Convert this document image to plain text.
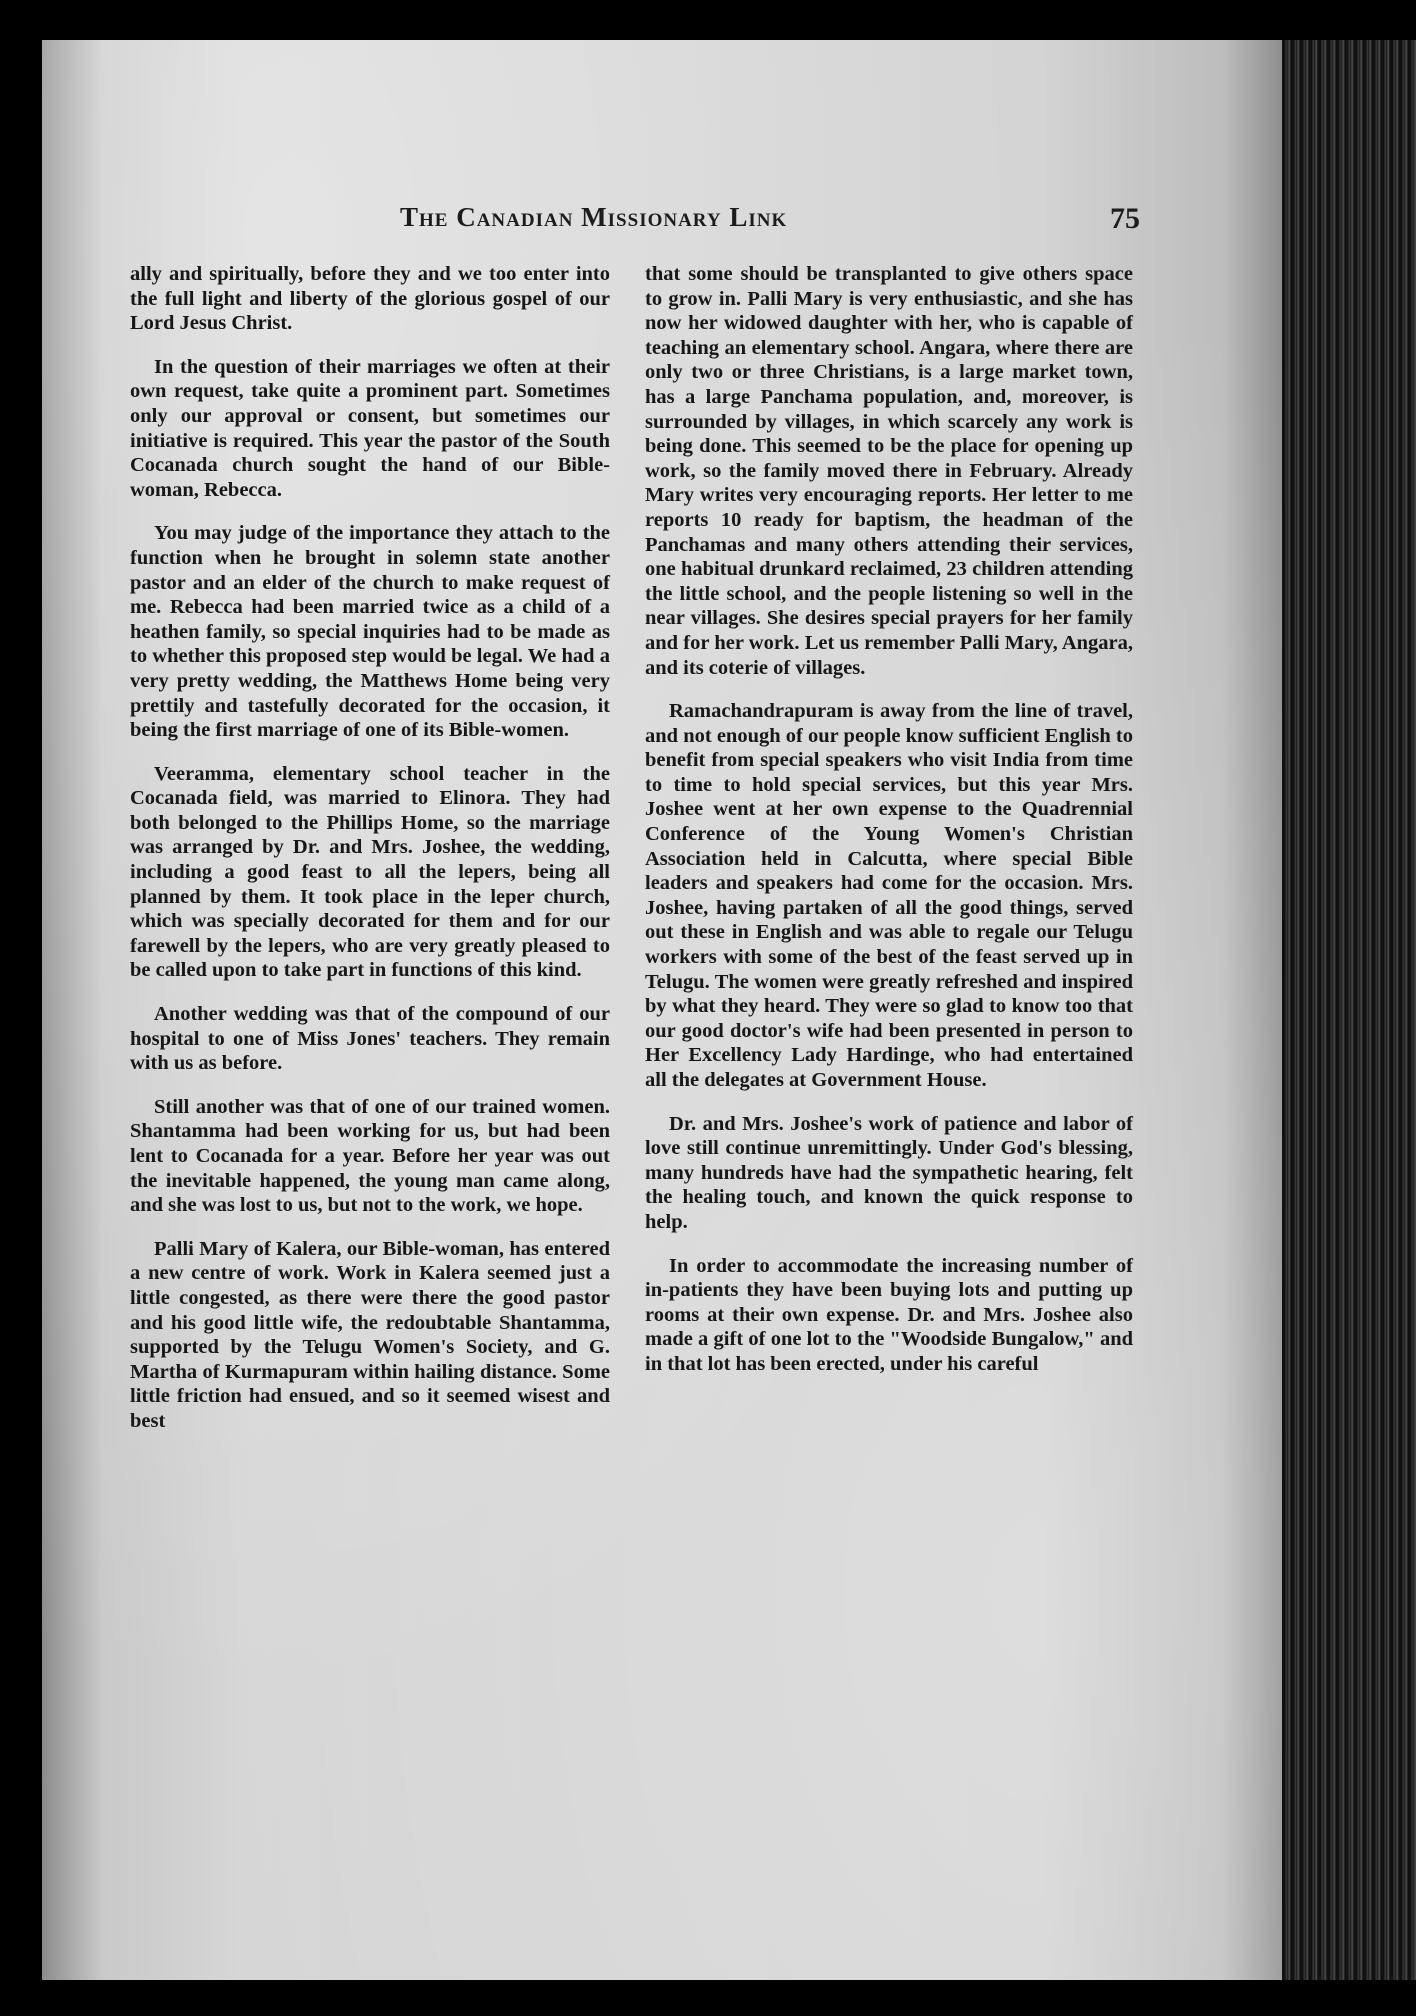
The Canadian Missionary Link	75

ally and spiritually, before they and we too enter into the full light and liberty of the glorious gospel of our Lord Jesus Christ.

In the question of their marriages we often at their own request, take quite a prominent part. Sometimes only our approval or consent, but sometimes our initiative is required. This year the pastor of the South Cocanada church sought the hand of our Bible-woman, Rebecca.

You may judge of the importance they attach to the function when he brought in solemn state another pastor and an elder of the church to make request of me. Rebecca had been married twice as a child of a heathen family, so special inquiries had to be made as to whether this proposed step would be legal. We had a very pretty wedding, the Matthews Home being very prettily and tastefully decorated for the occasion, it being the first marriage of one of its Bible-women.

Veeramma, elementary school teacher in the Cocanada field, was married to Elinora. They had both belonged to the Phillips Home, so the marriage was arranged by Dr. and Mrs. Joshee, the wedding, including a good feast to all the lepers, being all planned by them. It took place in the leper church, which was specially decorated for them and for our farewell by the lepers, who are very greatly pleased to be called upon to take part in functions of this kind.

Another wedding was that of the compound of our hospital to one of Miss Jones' teachers. They remain with us as before.

Still another was that of one of our trained women. Shantamma had been working for us, but had been lent to Cocanada for a year. Before her year was out the inevitable happened, the young man came along, and she was lost to us, but not to the work, we hope.

Palli Mary of Kalera, our Bible-woman, has entered a new centre of work. Work in Kalera seemed just a little congested, as there were there the good pastor and his good little wife, the redoubtable Shantamma, supported by the Telugu Women's Society, and G. Martha of Kurmapuram within hailing distance. Some little friction had ensued, and so it seemed wisest and best

that some should be transplanted to give others space to grow in. Palli Mary is very enthusiastic, and she has now her widowed daughter with her, who is capable of teaching an elementary school. Angara, where there are only two or three Christians, is a large market town, has a large Panchama population, and, moreover, is surrounded by villages, in which scarcely any work is being done. This seemed to be the place for opening up work, so the family moved there in February. Already Mary writes very encouraging reports. Her letter to me reports 10 ready for baptism, the headman of the Panchamas and many others attending their services, one habitual drunkard reclaimed, 23 children attending the little school, and the people listening so well in the near villages. She desires special prayers for her family and for her work. Let us remember Palli Mary, Angara, and its coterie of villages.

Ramachandrapuram is away from the line of travel, and not enough of our people know sufficient English to benefit from special speakers who visit India from time to time to hold special services, but this year Mrs. Joshee went at her own expense to the Quadrennial Conference of the Young Women's Christian Association held in Calcutta, where special Bible leaders and speakers had come for the occasion. Mrs. Joshee, having partaken of all the good things, served out these in English and was able to regale our Telugu workers with some of the best of the feast served up in Telugu. The women were greatly refreshed and inspired by what they heard. They were so glad to know too that our good doctor's wife had been presented in person to Her Excellency Lady Hardinge, who had entertained all the delegates at Government House.

Dr. and Mrs. Joshee's work of patience and labor of love still continue unremittingly. Under God's blessing, many hundreds have had the sympathetic hearing, felt the healing touch, and known the quick response to help.

In order to accommodate the increasing number of in-patients they have been buying lots and putting up rooms at their own expense. Dr. and Mrs. Joshee also made a gift of one lot to the "Woodside Bungalow," and in that lot has been erected, under his careful
